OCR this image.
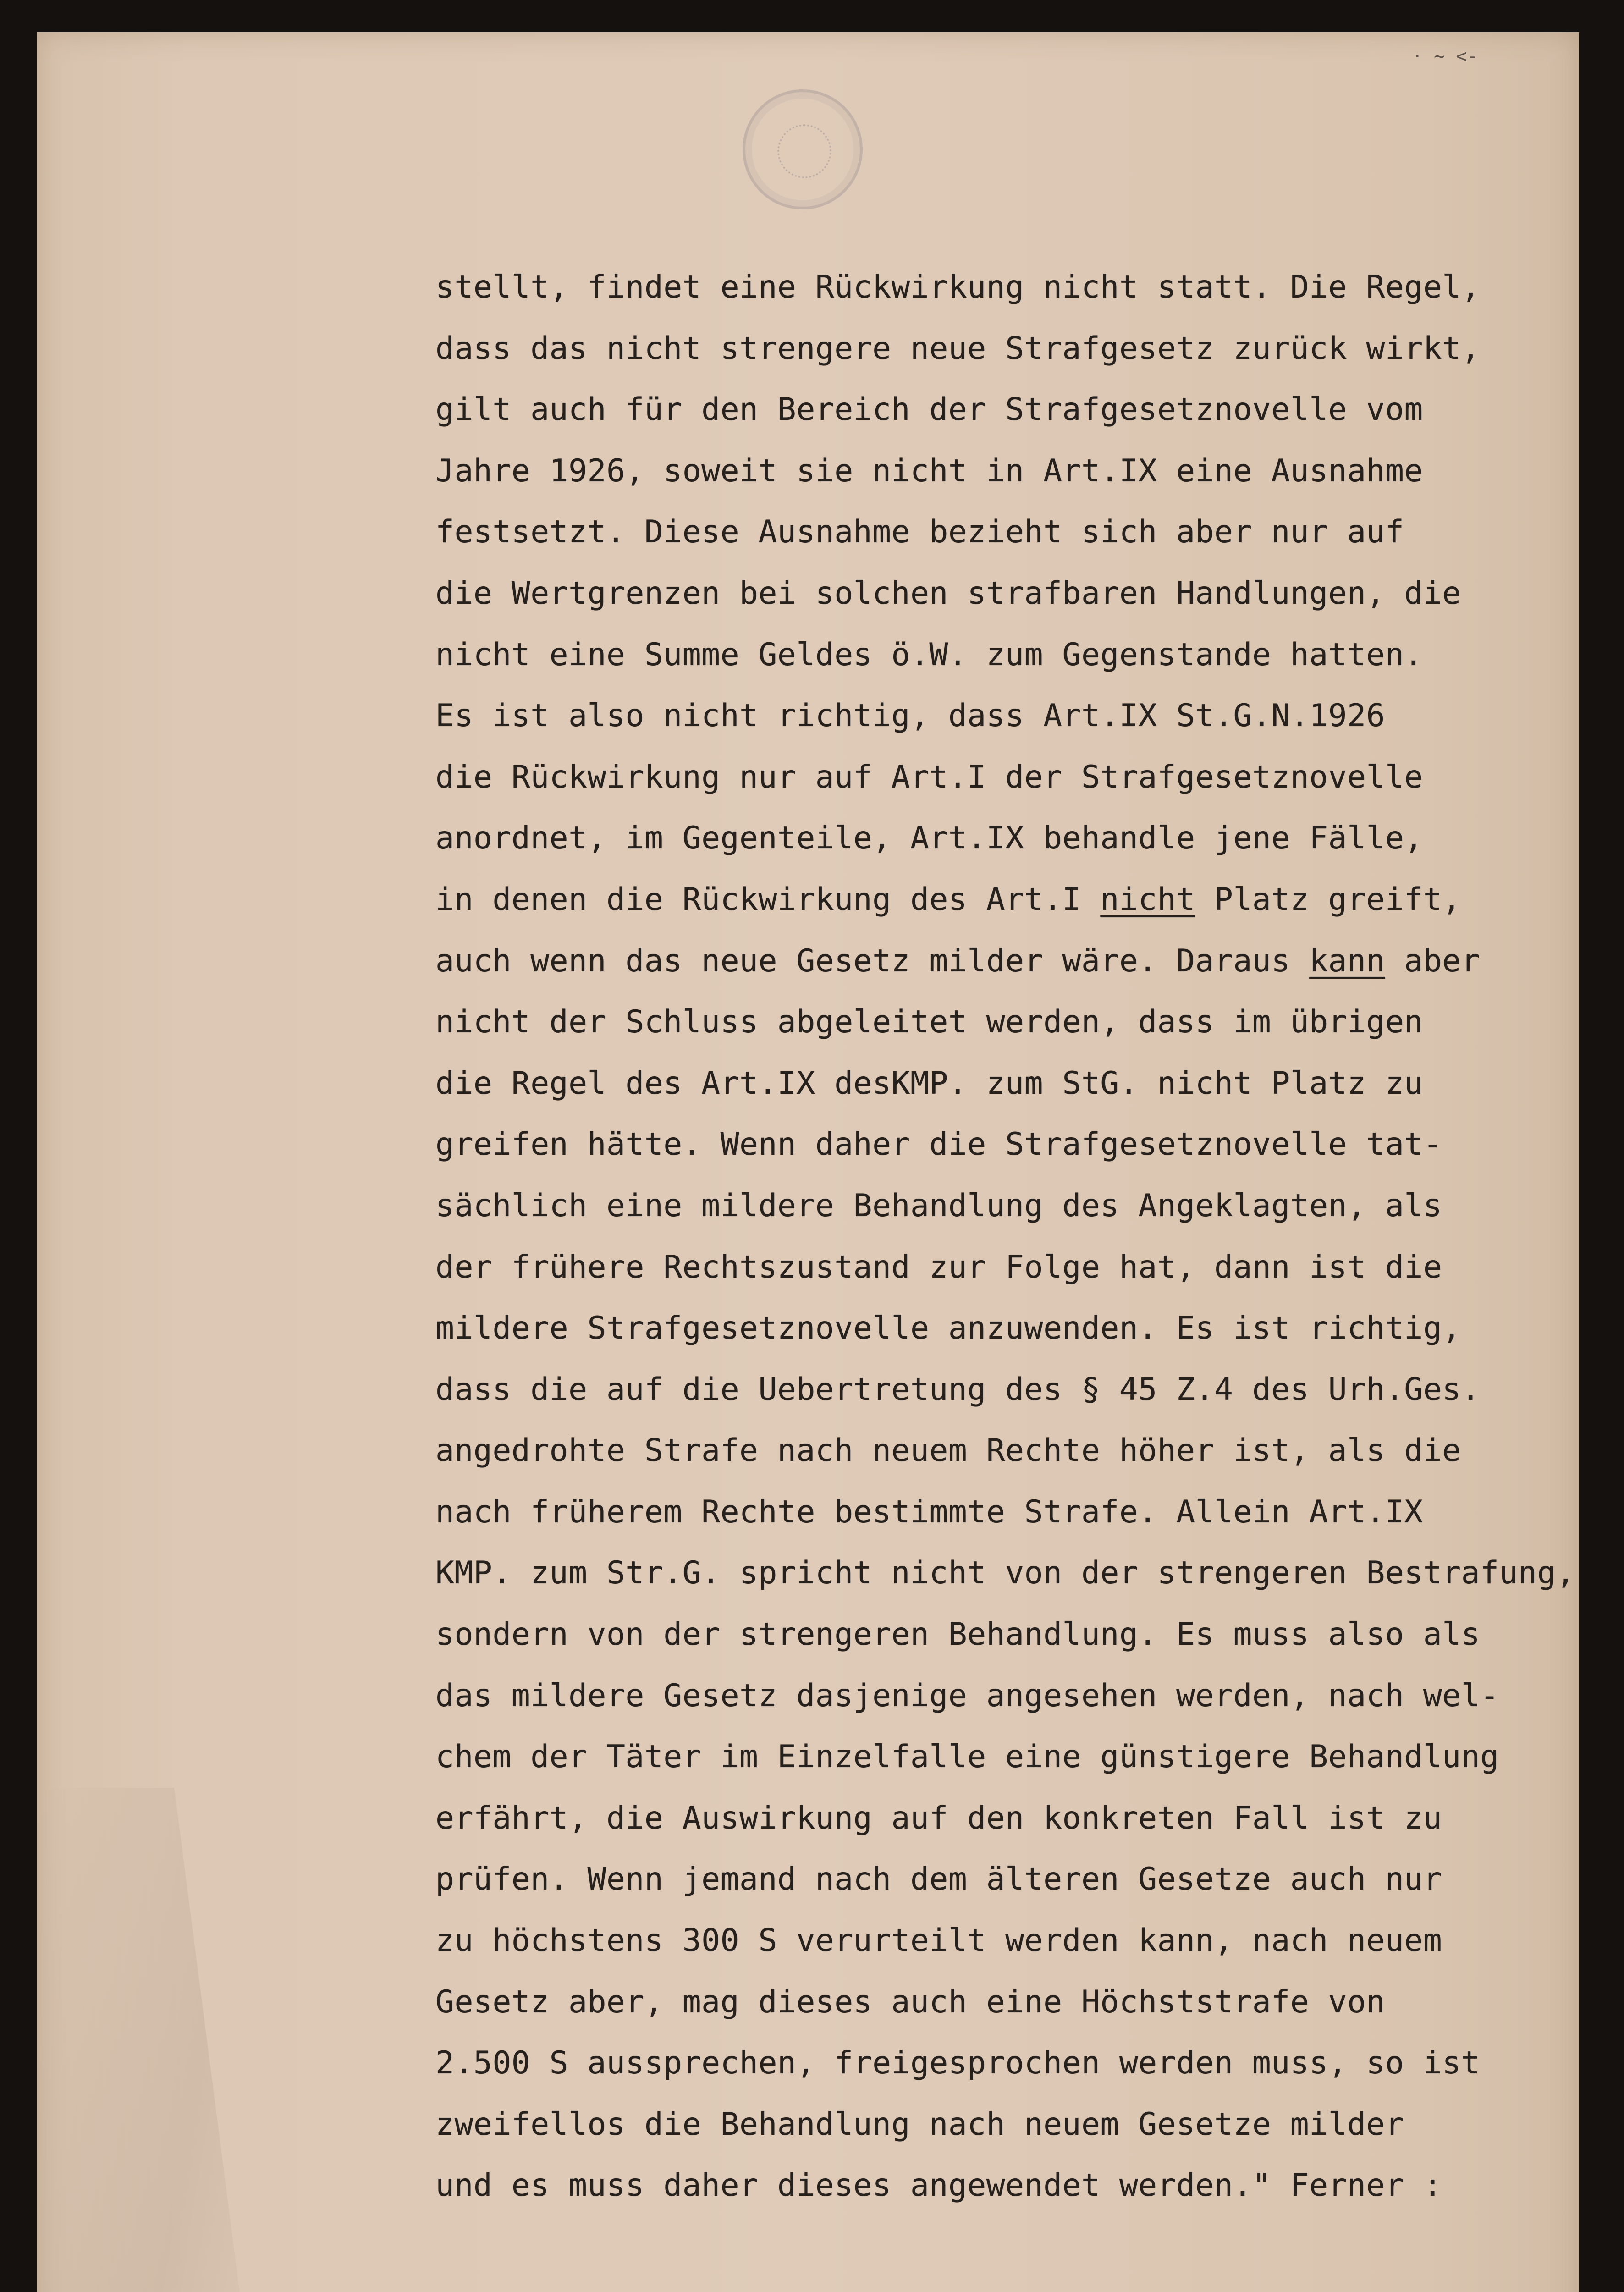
· ~ <-
stellt, findet eine Rückwirkung nicht statt. Die Regel,
dass das nicht strengere neue Strafgesetz zurück wirkt,
gilt auch für den Bereich der Strafgesetznovelle vom
Jahre 1926, soweit sie nicht in Art.IX eine Ausnahme
festsetzt. Diese Ausnahme bezieht sich aber nur auf
die Wertgrenzen bei solchen strafbaren Handlungen, die
nicht eine Summe Geldes ö.W. zum Gegenstande hatten.
Es ist also nicht richtig, dass Art.IX St.G.N.1926
die Rückwirkung nur auf Art.I der Strafgesetznovelle
anordnet, im Gegenteile, Art.IX behandle jene Fälle,
in denen die Rückwirkung des Art.I nicht Platz greift,
auch wenn das neue Gesetz milder wäre. Daraus kann aber
nicht der Schluss abgeleitet werden, dass im übrigen
die Regel des Art.IX desKMP. zum StG. nicht Platz zu
greifen hätte. Wenn daher die Strafgesetznovelle tat-
sächlich eine mildere Behandlung des Angeklagten, als
der frühere Rechtszustand zur Folge hat, dann ist die
mildere Strafgesetznovelle anzuwenden. Es ist richtig,
dass die auf die Uebertretung des § 45 Z.4 des Urh.Ges.
angedrohte Strafe nach neuem Rechte höher ist, als die
nach früherem Rechte bestimmte Strafe. Allein Art.IX
KMP. zum Str.G. spricht nicht von der strengeren Bestrafung,
sondern von der strengeren Behandlung. Es muss also als
das mildere Gesetz dasjenige angesehen werden, nach wel-
chem der Täter im Einzelfalle eine günstigere Behandlung
erfährt, die Auswirkung auf den konkreten Fall ist zu
prüfen. Wenn jemand nach dem älteren Gesetze auch nur
zu höchstens 300 S verurteilt werden kann, nach neuem
Gesetz aber, mag dieses auch eine Höchststrafe von
2.500 S aussprechen, freigesprochen werden muss, so ist
zweifellos die Behandlung nach neuem Gesetze milder
und es muss daher dieses angewendet werden." Ferner :
